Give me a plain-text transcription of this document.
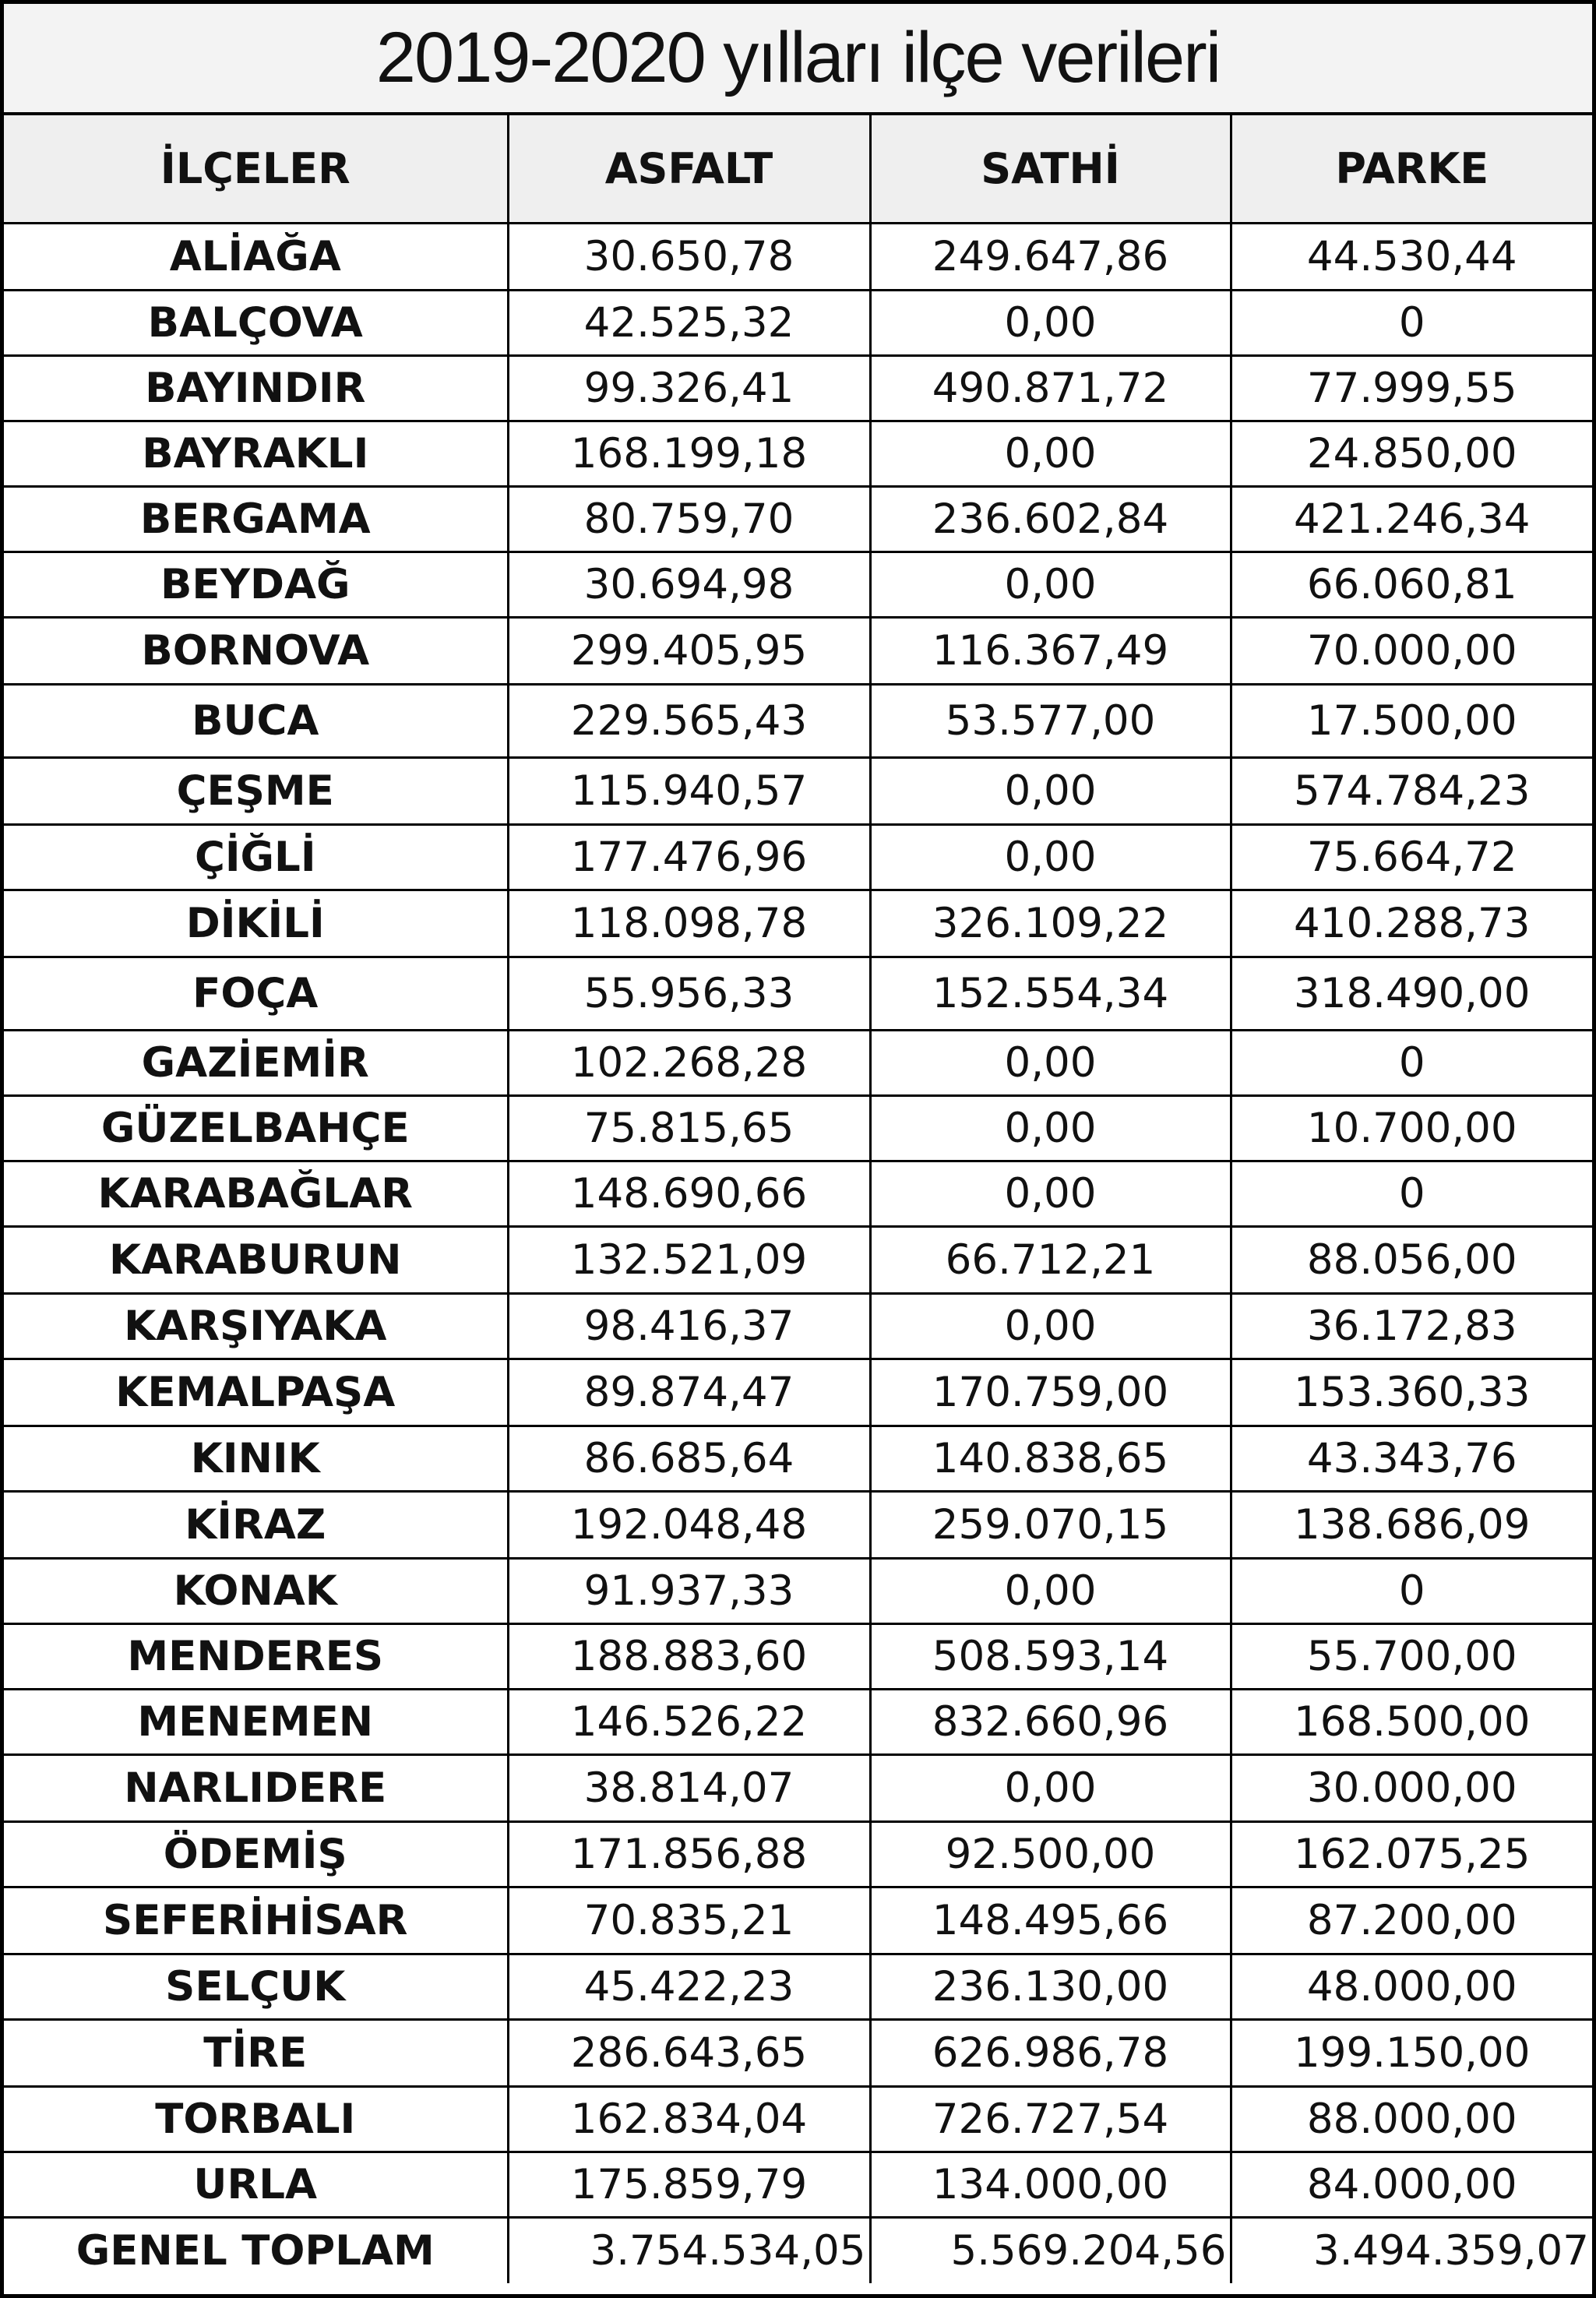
2019-2020 yılları ilçe verileri
İLÇELER	ASFALT	SATHİ	PARKE
ALİAĞA	30.650,78	249.647,86	44.530,44
BALÇOVA	42.525,32	0,00	0
BAYINDIR	99.326,41	490.871,72	77.999,55
BAYRAKLI	168.199,18	0,00	24.850,00
BERGAMA	80.759,70	236.602,84	421.246,34
BEYDAĞ	30.694,98	0,00	66.060,81
BORNOVA	299.405,95	116.367,49	70.000,00
BUCA	229.565,43	53.577,00	17.500,00
ÇEŞME	115.940,57	0,00	574.784,23
ÇİĞLİ	177.476,96	0,00	75.664,72
DİKİLİ	118.098,78	326.109,22	410.288,73
FOÇA	55.956,33	152.554,34	318.490,00
GAZİEMİR	102.268,28	0,00	0
GÜZELBAHÇE	75.815,65	0,00	10.700,00
KARABAĞLAR	148.690,66	0,00	0
KARABURUN	132.521,09	66.712,21	88.056,00
KARŞIYAKA	98.416,37	0,00	36.172,83
KEMALPAŞA	89.874,47	170.759,00	153.360,33
KINIK	86.685,64	140.838,65	43.343,76
KİRAZ	192.048,48	259.070,15	138.686,09
KONAK	91.937,33	0,00	0
MENDERES	188.883,60	508.593,14	55.700,00
MENEMEN	146.526,22	832.660,96	168.500,00
NARLIDERE	38.814,07	0,00	30.000,00
ÖDEMİŞ	171.856,88	92.500,00	162.075,25
SEFERİHİSAR	70.835,21	148.495,66	87.200,00
SELÇUK	45.422,23	236.130,00	48.000,00
TİRE	286.643,65	626.986,78	199.150,00
TORBALI	162.834,04	726.727,54	88.000,00
URLA	175.859,79	134.000,00	84.000,00
GENEL TOPLAM	3.754.534,05	5.569.204,56	3.494.359,07
